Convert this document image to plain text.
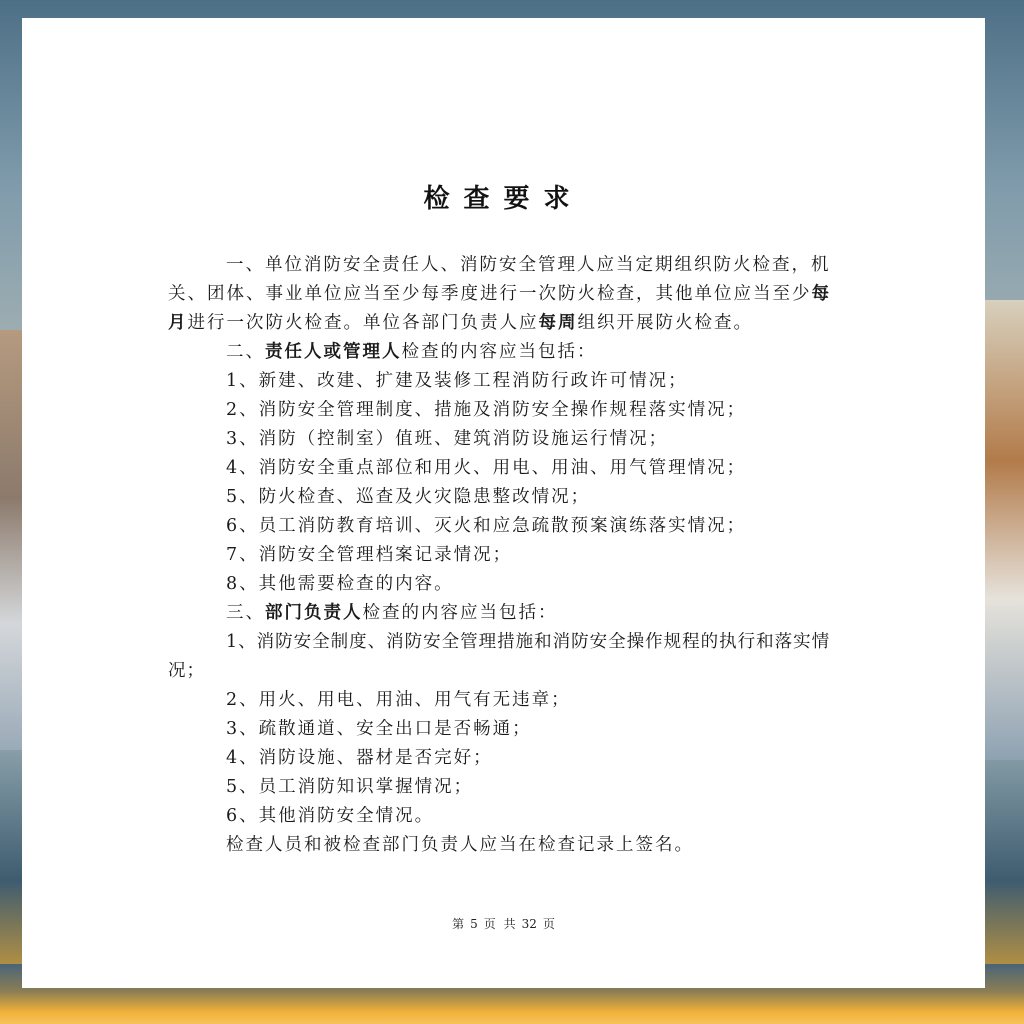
检查要求

一、单位消防安全责任人、消防安全管理人应当定期组织防火检查，机关、团体、事业单位应当至少每季度进行一次防火检查，其他单位应当至少每月进行一次防火检查。单位各部门负责人应每周组织开展防火检查。

二、责任人或管理人检查的内容应当包括：

1、新建、改建、扩建及装修工程消防行政许可情况；

2、消防安全管理制度、措施及消防安全操作规程落实情况；

3、消防（控制室）值班、建筑消防设施运行情况；

4、消防安全重点部位和用火、用电、用油、用气管理情况；

5、防火检查、巡查及火灾隐患整改情况；

6、员工消防教育培训、灭火和应急疏散预案演练落实情况；

7、消防安全管理档案记录情况；

8、其他需要检查的内容。

三、部门负责人检查的内容应当包括：

1、消防安全制度、消防安全管理措施和消防安全操作规程的执行和落实情况；

2、用火、用电、用油、用气有无违章；

3、疏散通道、安全出口是否畅通；

4、消防设施、器材是否完好；

5、员工消防知识掌握情况；

6、其他消防安全情况。

检查人员和被检查部门负责人应当在检查记录上签名。

第 5 页 共 32 页
